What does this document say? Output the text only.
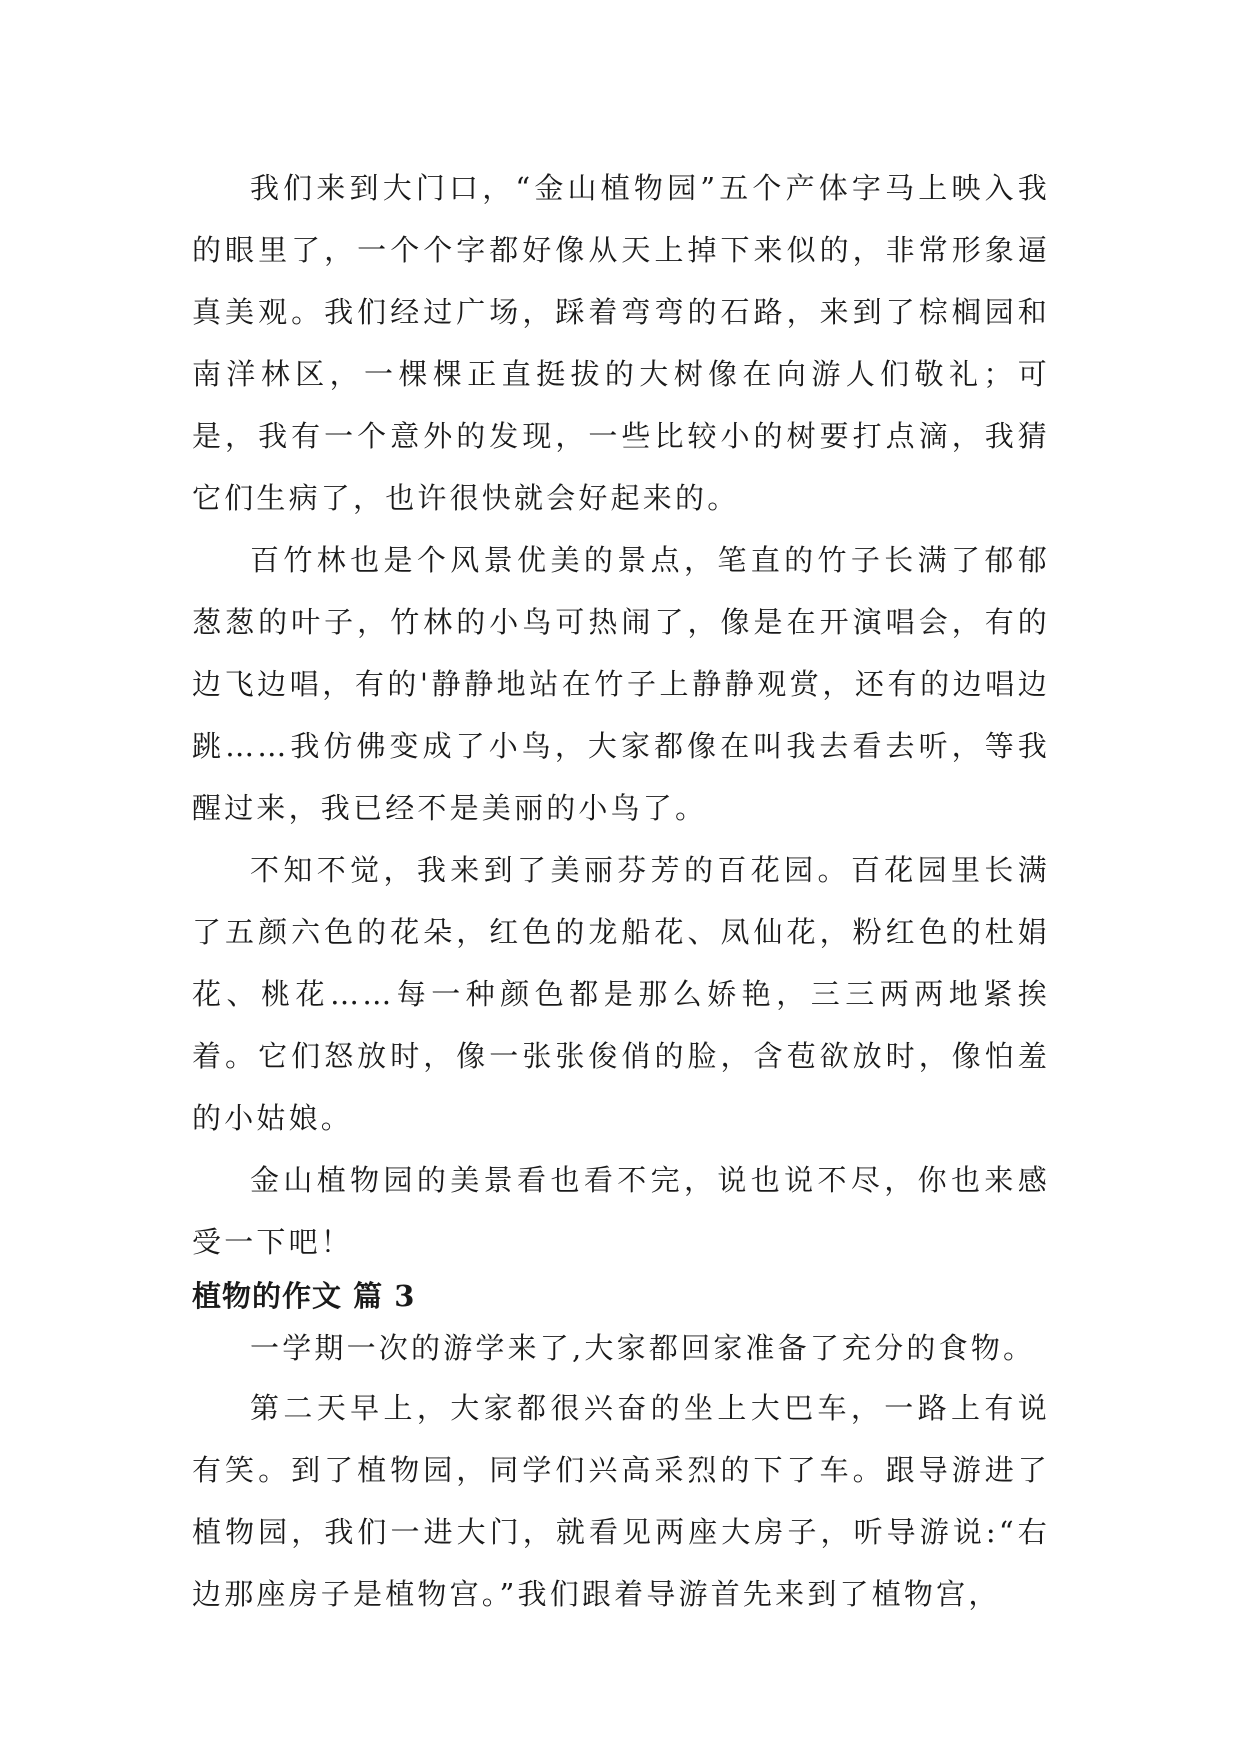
我们来到大门口，“金山植物园”五个产体字马上映入我的眼里了，一个个字都好像从天上掉下来似的，非常形象逼真美观。我们经过广场，踩着弯弯的石路，来到了棕榈园和南洋林区，一棵棵正直挺拔的大树像在向游人们敬礼；可是，我有一个意外的发现，一些比较小的树要打点滴，我猜它们生病了，也许很快就会好起来的。

百竹林也是个风景优美的景点，笔直的竹子长满了郁郁葱葱的叶子，竹林的小鸟可热闹了，像是在开演唱会，有的边飞边唱，有的'静静地站在竹子上静静观赏，还有的边唱边跳……我仿佛变成了小鸟，大家都像在叫我去看去听，等我醒过来，我已经不是美丽的小鸟了。

不知不觉，我来到了美丽芬芳的百花园。百花园里长满了五颜六色的花朵，红色的龙船花、凤仙花，粉红色的杜娟花、桃花……每一种颜色都是那么娇艳，三三两两地紧挨着。它们怒放时，像一张张俊俏的脸，含苞欲放时，像怕羞的小姑娘。

金山植物园的美景看也看不完，说也说不尽，你也来感受一下吧！

植物的作文 篇 3

一学期一次的游学来了,大家都回家准备了充分的食物。

第二天早上，大家都很兴奋的坐上大巴车，一路上有说有笑。到了植物园，同学们兴高采烈的下了车。跟导游进了植物园，我们一进大门，就看见两座大房子，听导游说:“右边那座房子是植物宫。”我们跟着导游首先来到了植物宫，
